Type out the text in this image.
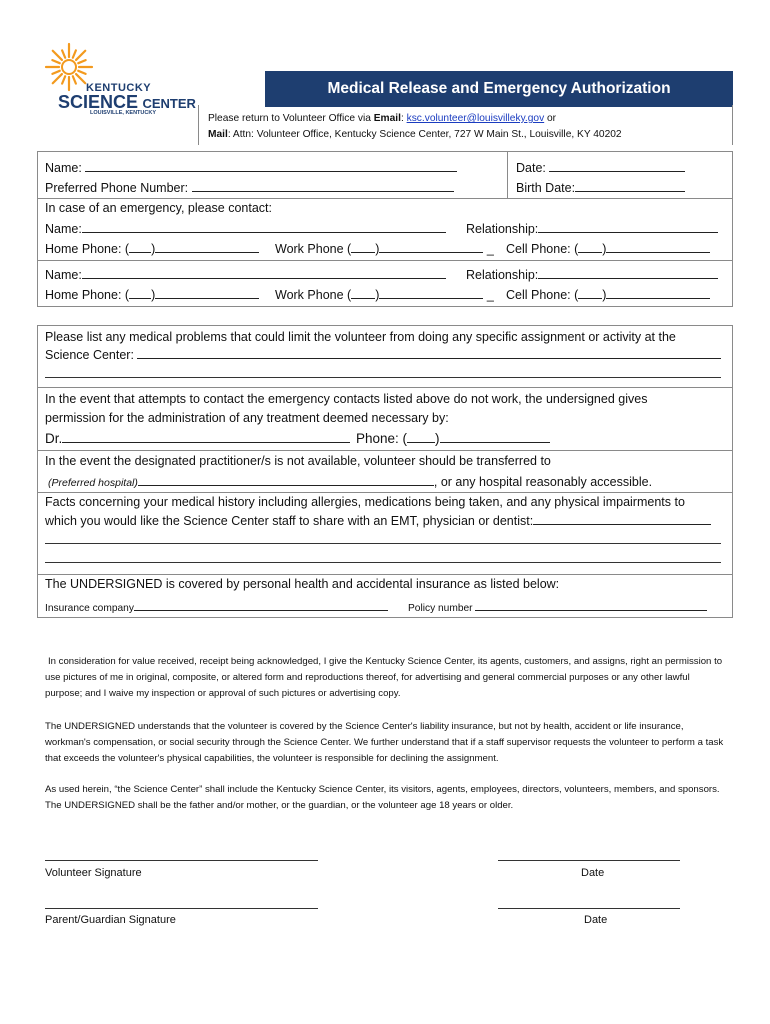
KENTUCKY
SCIENCE CENTER
LOUISVILLE, KENTUCKY
Medical Release and Emergency Authorization
Please return to Volunteer Office via Email: ksc.volunteer@louisvilleky.gov or
Mail: Attn: Volunteer Office, Kentucky Science Center, 727 W Main St., Louisville, KY 40202
Name:	Date:
Preferred Phone Number:	Birth Date:
In case of an emergency, please contact:
Name:	Relationship:
Home Phone: ( )	Work Phone ( )	_ Cell Phone: ( )
Name:	Relationship:
Home Phone: ( )	Work Phone ( )	_ Cell Phone: ( )
Please list any medical problems that could limit the volunteer from doing any specific assignment or activity at the
Science Center:
In the event that attempts to contact the emergency contacts listed above do not work, the undersigned gives
permission for the administration of any treatment deemed necessary by:
Dr.	Phone: ( )
In the event the designated practitioner/s is not available, volunteer should be transferred to
(Preferred hospital)	, or any hospital reasonably accessible.
Facts concerning your medical history including allergies, medications being taken, and any physical impairments to
which you would like the Science Center staff to share with an EMT, physician or dentist:
The UNDERSIGNED is covered by personal health and accidental insurance as listed below:
Insurance company	Policy number
In consideration for value received, receipt being acknowledged, I give the Kentucky Science Center, its agents, customers, and assigns, right an permission to use pictures of me in original, composite, or altered form and reproductions thereof, for advertising and general commercial purposes or any other lawful purpose; and I waive my inspection or approval of such pictures or advertising copy.
The UNDERSIGNED understands that the volunteer is covered by the Science Center's liability insurance, but not by health, accident or life insurance, workman's compensation, or social security through the Science Center. We further understand that if a staff supervisor requests the volunteer to perform a task that exceeds the volunteer's physical capabilities, the volunteer is responsible for declining the assignment.
As used herein, “the Science Center” shall include the Kentucky Science Center, its visitors, agents, employees, directors, volunteers, members, and sponsors. The UNDERSIGNED shall be the father and/or mother, or the guardian, or the volunteer age 18 years or older.
Volunteer Signature	Date
Parent/Guardian Signature	Date
